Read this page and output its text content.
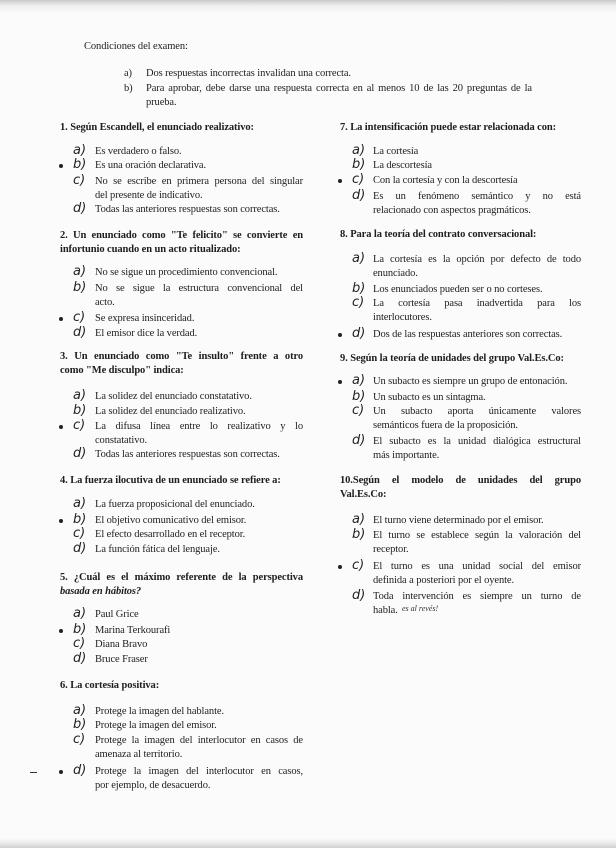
Condiciones del examen:
a) Dos respuestas incorrectas invalidan una correcta.
b) Para aprobar, debe darse una respuesta correcta en al menos 10 de las 20 preguntas de la
prueba.
1. Según Escandell, el enunciado realizativo:
a) Es verdadero o falso.
b) Es una oración declarativa.
c) No se escribe en primera persona del singular
del presente de indicativo.
d) Todas las anteriores respuestas son correctas.
2. Un enunciado como "Te felicito" se convierte en
infortunio cuando en un acto ritualizado:
a) No se sigue un procedimiento convencional.
b) No se sigue la estructura convencional del
acto.
c) Se expresa insinceridad.
d) El emisor dice la verdad.
3. Un enunciado como "Te insulto" frente a otro
como "Me disculpo" indica:
a) La solidez del enunciado constatativo.
b) La solidez del enunciado realizativo.
c) La difusa línea entre lo realizativo y lo
constatativo.
d) Todas las anteriores respuestas son correctas.
4. La fuerza ilocutiva de un enunciado se refiere a:
a) La fuerza proposicional del enunciado.
b) El objetivo comunicativo del emisor.
c) El efecto desarrollado en el receptor.
d) La función fática del lenguaje.
5. ¿Cuál es el máximo referente de la perspectiva
basada en hábitos?
a) Paul Grice
b) Marina Terkourafi
c) Diana Bravo
d) Bruce Fraser
6. La cortesía positiva:
a) Protege la imagen del hablante.
b) Protege la imagen del emisor.
c) Protege la imagen del interlocutor en casos de
amenaza al territorio.
d) Protege la imagen del interlocutor en casos,
por ejemplo, de desacuerdo.
7. La intensificación puede estar relacionada con:
a) La cortesía
b) La descortesía
c) Con la cortesía y con la descortesía
d) Es un fenómeno semántico y no está
relacionado con aspectos pragmáticos.
8. Para la teoría del contrato conversacional:
a) La cortesía es la opción por defecto de todo
enunciado.
b) Los enunciados pueden ser o no corteses.
c) La cortesía pasa inadvertida para los
interlocutores.
d) Dos de las respuestas anteriores son correctas.
9. Según la teoría de unidades del grupo Val.Es.Co:
a) Un subacto es siempre un grupo de entonación.
b) Un subacto es un sintagma.
c) Un subacto aporta únicamente valores
semánticos fuera de la proposición.
d) El subacto es la unidad dialógica estructural
más importante.
10.Según el modelo de unidades del grupo
Val.Es.Co:
a) El turno viene determinado por el emisor.
b) El turno se establece según la valoración del
receptor.
c) El turno es una unidad social del emisor
definida a posteriori por el oyente.
d) Toda intervención es siempre un turno de
habla. es al revés!
